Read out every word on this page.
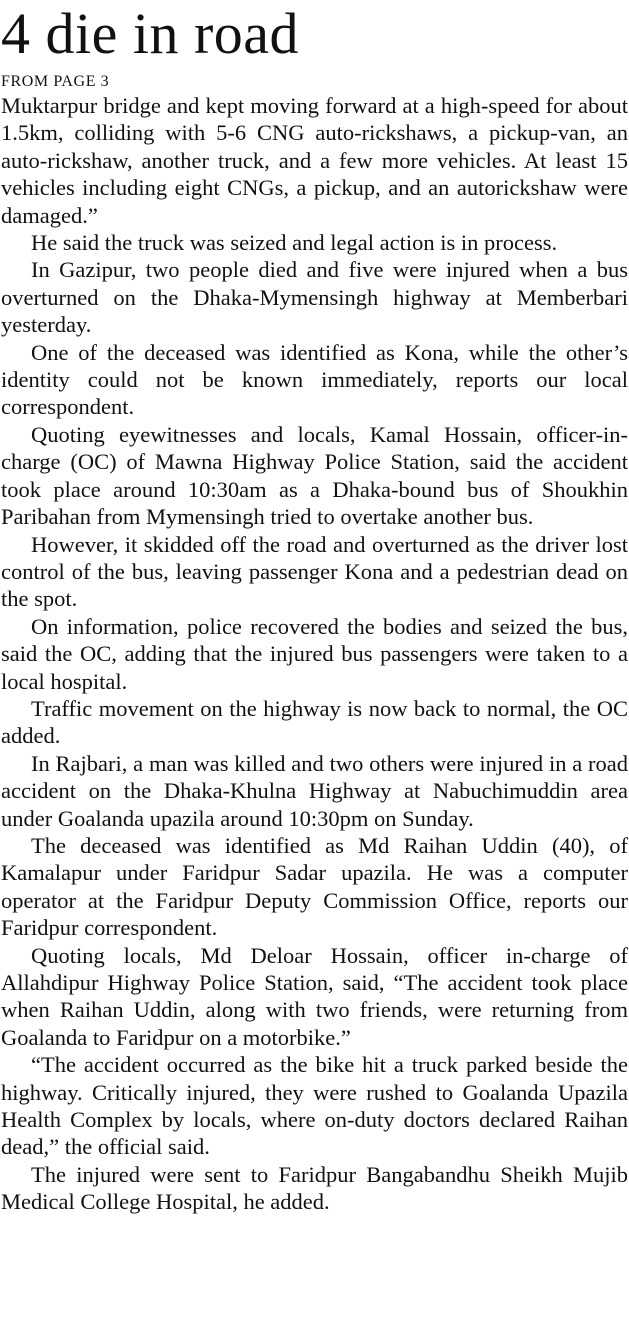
4 die in road
FROM PAGE 3

Muktarpur bridge and kept moving forward at a high-speed for about 1.5km, colliding with 5-6 CNG auto-rickshaws, a pickup-van, an auto-rickshaw, another truck, and a few more vehicles. At least 15 vehicles including eight CNGs, a pickup, and an autorickshaw were damaged.”

He said the truck was seized and legal action is in process.

In Gazipur, two people died and five were injured when a bus overturned on the Dhaka-Mymensingh highway at Memberbari yesterday.

One of the deceased was identified as Kona, while the other’s identity could not be known immediately, reports our local correspondent.

Quoting eyewitnesses and locals, Kamal Hossain, officer-in-charge (OC) of Mawna Highway Police Station, said the accident took place around 10:30am as a Dhaka-bound bus of Shoukhin Paribahan from Mymensingh tried to overtake another bus.

However, it skidded off the road and overturned as the driver lost control of the bus, leaving passenger Kona and a pedestrian dead on the spot.

On information, police recovered the bodies and seized the bus, said the OC, adding that the injured bus passengers were taken to a local hospital.

Traffic movement on the highway is now back to normal, the OC added.

In Rajbari, a man was killed and two others were injured in a road accident on the Dhaka-Khulna Highway at Nabuchimuddin area under Goalanda upazila around 10:30pm on Sunday.

The deceased was identified as Md Raihan Uddin (40), of Kamalapur under Faridpur Sadar upazila. He was a computer operator at the Faridpur Deputy Commission Office, reports our Faridpur correspondent.

Quoting locals, Md Deloar Hossain, officer in-charge of Allahdipur Highway Police Station, said, “The accident took place when Raihan Uddin, along with two friends, were returning from Goalanda to Faridpur on a motorbike.”

“The accident occurred as the bike hit a truck parked beside the highway. Critically injured, they were rushed to Goalanda Upazila Health Complex by locals, where on-duty doctors declared Raihan dead,” the official said.

The injured were sent to Faridpur Bangabandhu Sheikh Mujib Medical College Hospital, he added.
